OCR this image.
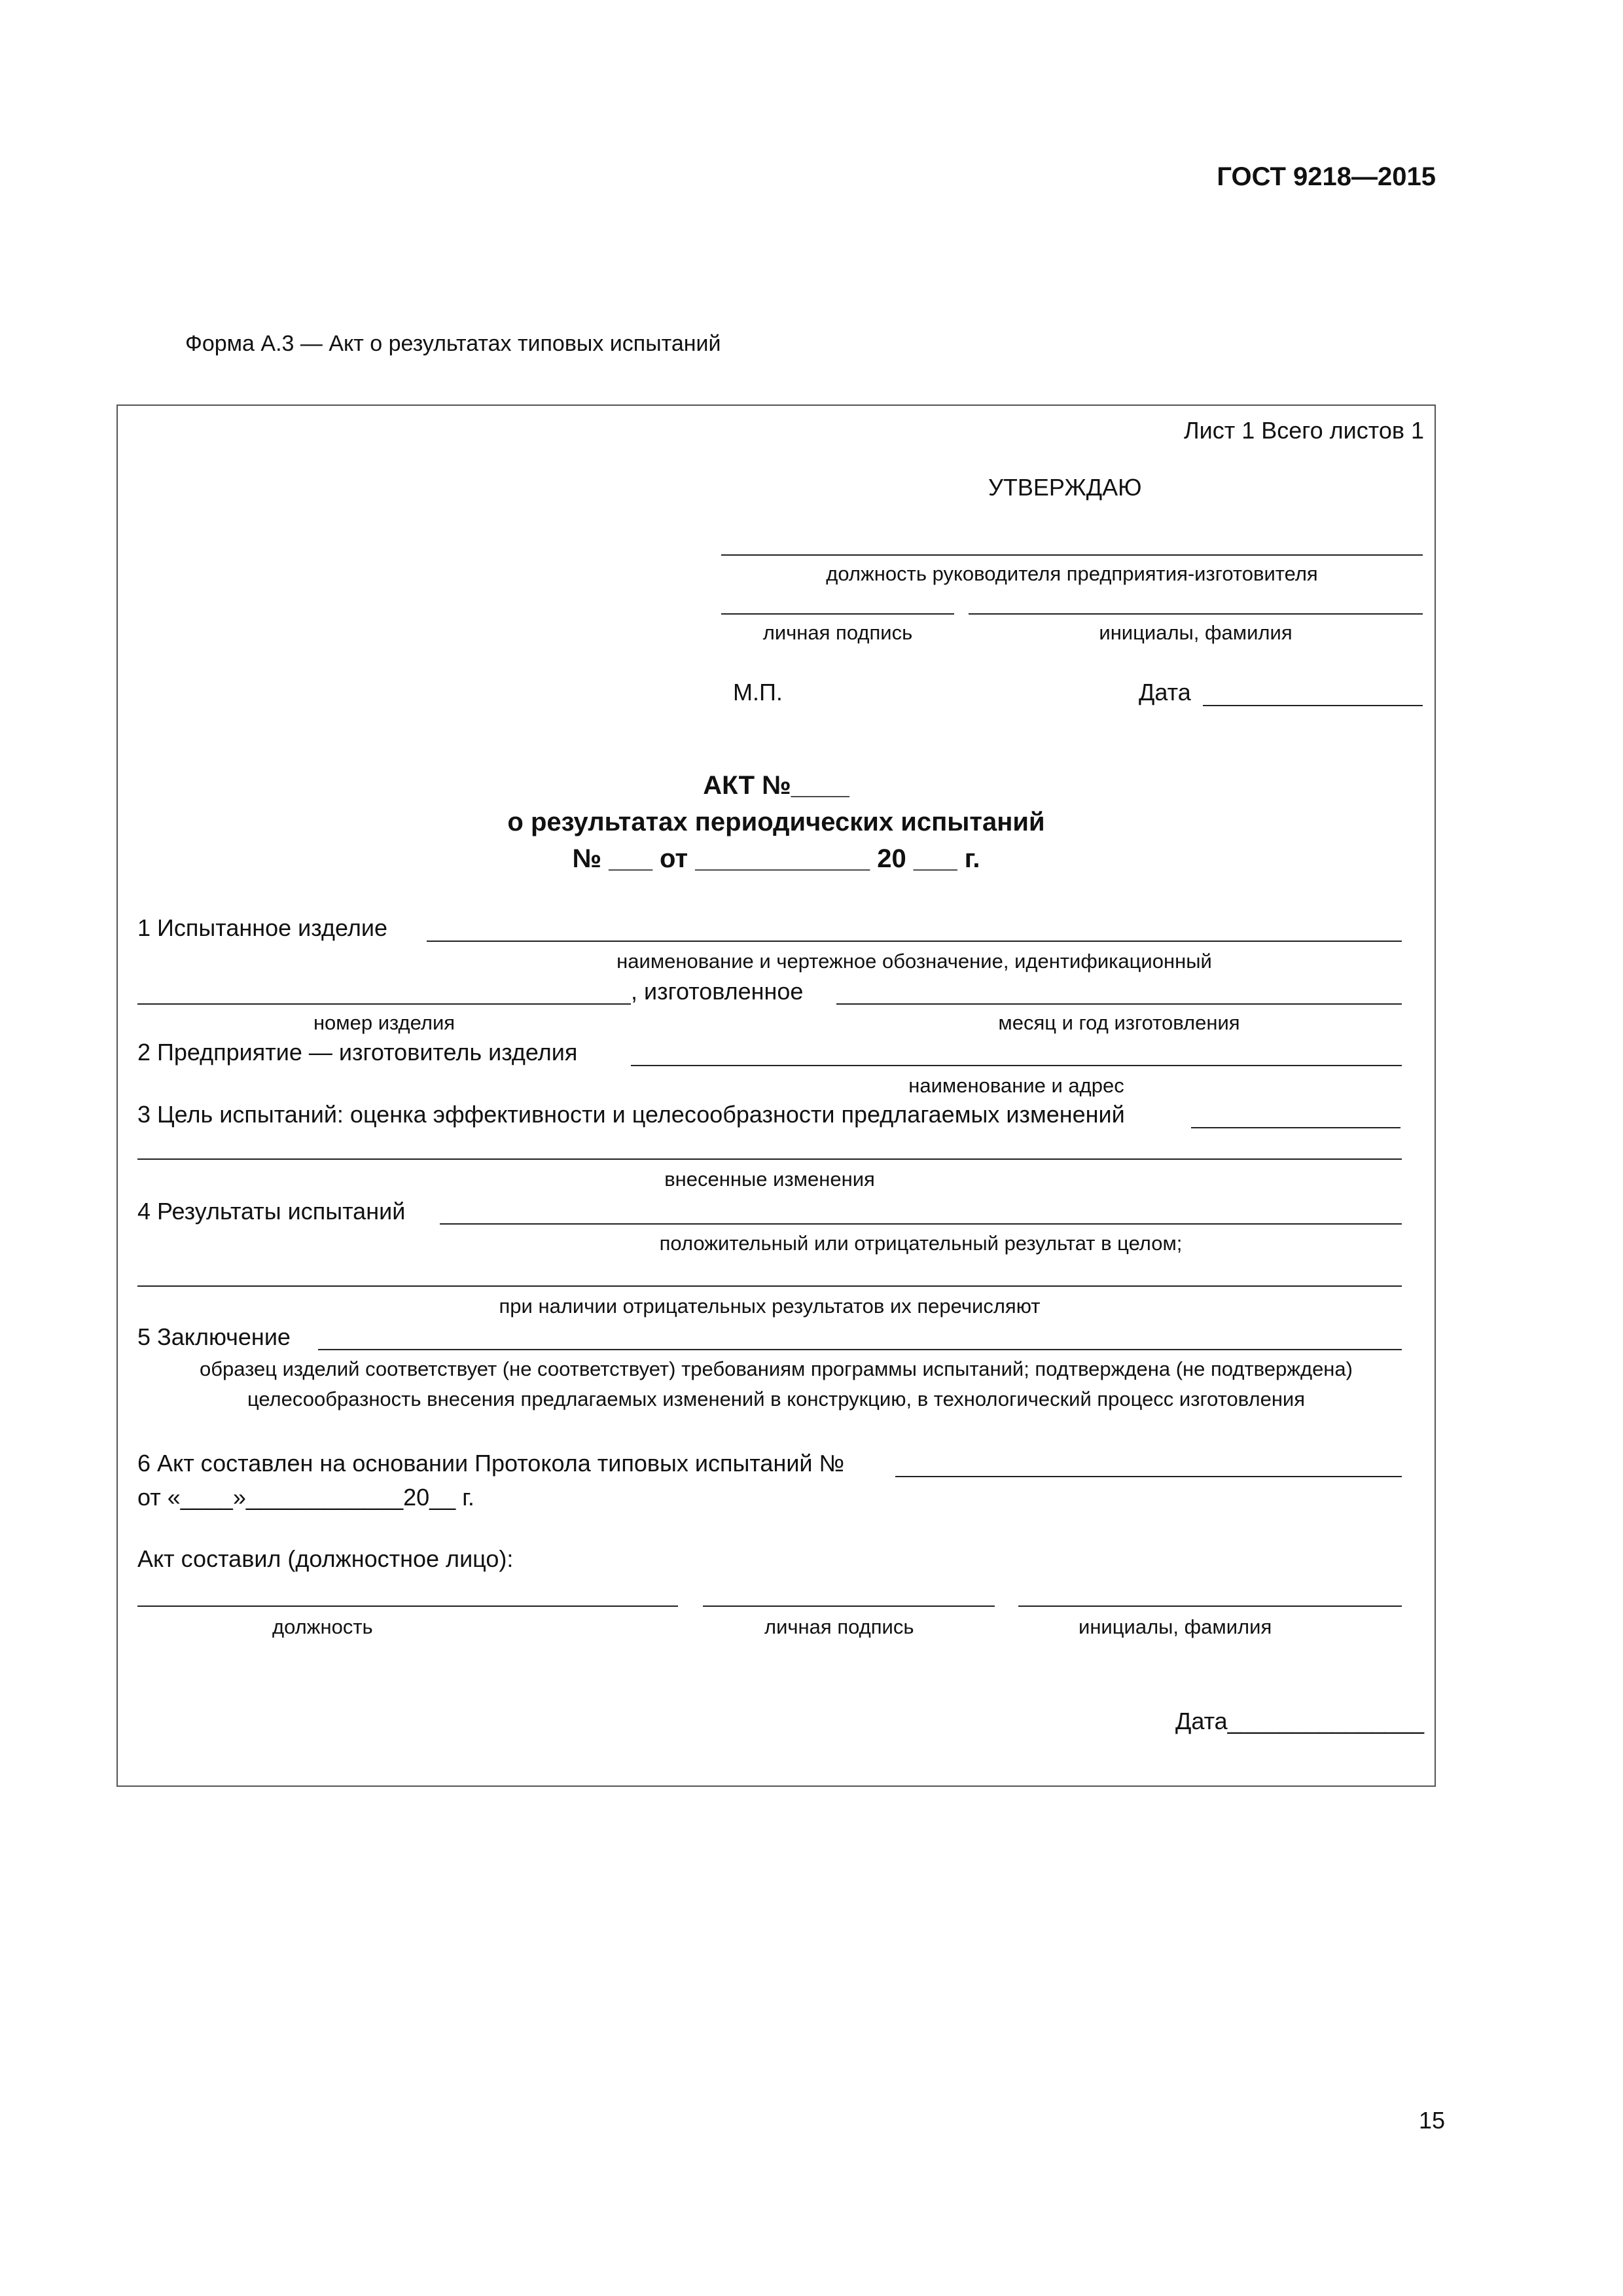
ГОСТ 9218—2015
Форма А.3 — Акт о результатах типовых испытаний
Лист 1 Всего листов 1
УТВЕРЖДАЮ
должность руководителя предприятия-изготовителя
личная подпись	инициалы, фамилия
М.П.	Дата
АКТ №____
о результатах периодических испытаний
№ ___ от ____________ 20 ___ г.
1 Испытанное изделие
наименование и чертежное обозначение, идентификационный
, изготовленное
номер изделия	месяц и год изготовления
2 Предприятие — изготовитель изделия
наименование и адрес
3 Цель испытаний: оценка эффективности и целесообразности предлагаемых изменений
внесенные изменения
4 Результаты испытаний
положительный или отрицательный результат в целом;
при наличии отрицательных результатов их перечисляют
5 Заключение
образец изделий соответствует (не соответствует) требованиям программы испытаний; подтверждена (не подтверждена)
целесообразность внесения предлагаемых изменений в конструкцию, в технологический процесс изготовления
6 Акт составлен на основании Протокола типовых испытаний №
от «____»____________20__ г.
Акт составил (должностное лицо):
должность	личная подпись	инициалы, фамилия
Дата_______________
15
